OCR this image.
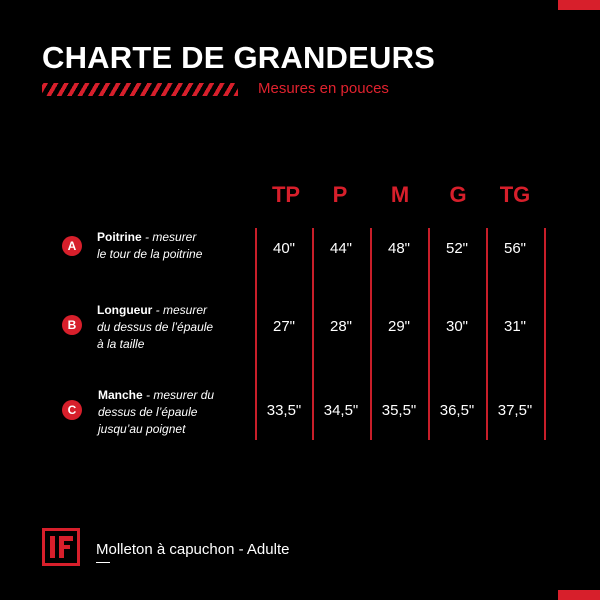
CHARTE DE GRANDEURS
Mesures en pouces
TP	P	M	G	TG
A
Poitrine - mesurer
le tour de la poitrine	40"	44"	48"	52"	56"
B
Longueur - mesurer
du dessus de l’épaule
à la taille
27"	28"	29"	30"	31"
C
Manche - mesurer du
dessus de l’épaule
jusqu’au poignet
33,5"	34,5"	35,5"	36,5"	37,5"
Molleton à capuchon - Adulte
